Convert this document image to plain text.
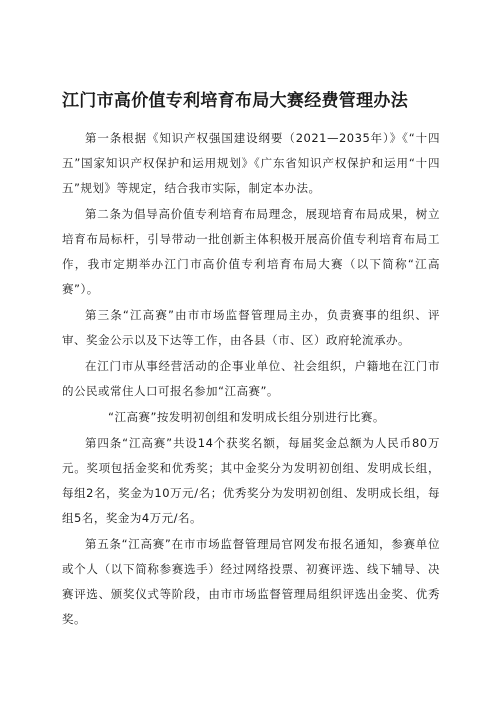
江门市高价值专利培育布局大赛经费管理办法

第一条根据《知识产权强国建设纲要（2021—2035年）》《“十四五”国家知识产权保护和运用规划》《广东省知识产权保护和运用“十四五”规划》等规定，结合我市实际，制定本办法。

第二条为倡导高价值专利培育布局理念，展现培育布局成果，树立培育布局标杆，引导带动一批创新主体积极开展高价值专利培育布局工作，我市定期举办江门市高价值专利培育布局大赛（以下简称“江高赛”）。

第三条“江高赛”由市市场监督管理局主办，负责赛事的组织、评审、奖金公示以及下达等工作，由各县（市、区）政府轮流承办。

在江门市从事经营活动的企事业单位、社会组织，户籍地在江门市的公民或常住人口可报名参加“江高赛”。

“江高赛”按发明初创组和发明成长组分别进行比赛。

第四条“江高赛”共设14个获奖名额，每届奖金总额为人民币80万元。奖项包括金奖和优秀奖；其中金奖分为发明初创组、发明成长组，每组2名，奖金为10万元/名；优秀奖分为发明初创组、发明成长组，每组5名，奖金为4万元/名。

第五条“江高赛”在市市场监督管理局官网发布报名通知，参赛单位或个人（以下简称参赛选手）经过网络投票、初赛评选、线下辅导、决赛评选、颁奖仪式等阶段，由市市场监督管理局组织评选出金奖、优秀奖。
